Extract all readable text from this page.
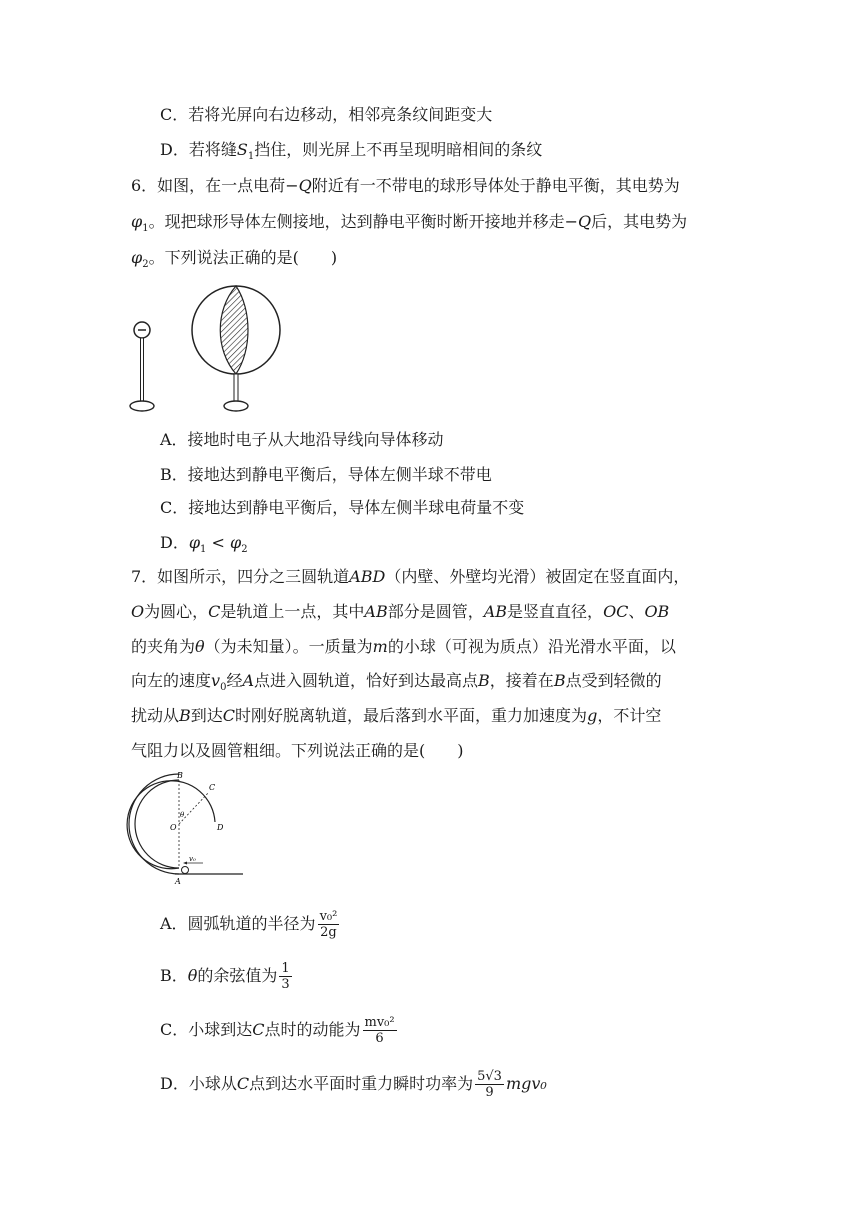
C．若将光屏向右边移动，相邻亮条纹间距变大
D．若将缝$S_1$挡住，则光屏上不再呈现明暗相间的条纹
6．如图，在一点电荷−Q附近有一不带电的球形导体处于静电平衡，其电势为
$\varphi_1$。现把球形导体左侧接地，达到静电平衡时断开接地并移走−Q后，其电势为
$\varphi_2$。下列说法正确的是(　　)
A．接地时电子从大地沿导线向导体移动
B．接地达到静电平衡后，导体左侧半球不带电
C．接地达到静电平衡后，导体左侧半球电荷量不变
D．$\varphi_1 < \varphi_2$
7．如图所示，四分之三圆轨道ABD（内壁、外壁均光滑）被固定在竖直面内，
O为圆心，C是轨道上一点，其中AB部分是圆管，AB是竖直直径，OC、OB
的夹角为θ（为未知量）。一质量为m的小球（可视为质点）沿光滑水平面，以
向左的速度$v_0$经A点进入圆轨道，恰好到达最高点B，接着在B点受到轻微的
扰动从B到达C时刚好脱离轨道，最后落到水平面，重力加速度为g，不计空
气阻力以及圆管粗细。下列说法正确的是(　　)
v₀
B
C
O	D
A
θ
A．圆弧轨道的半径为 $\frac{\text{v₀²}}{2g}$
B．θ的余弦值为 $\frac{1}{3}$
C．小球到达C点时的动能为 $\frac{\text{mv₀²}}{6}$
D．小球从C点到达水平面时重力瞬时功率为 $\frac{5√3}{9} mgv_0$
